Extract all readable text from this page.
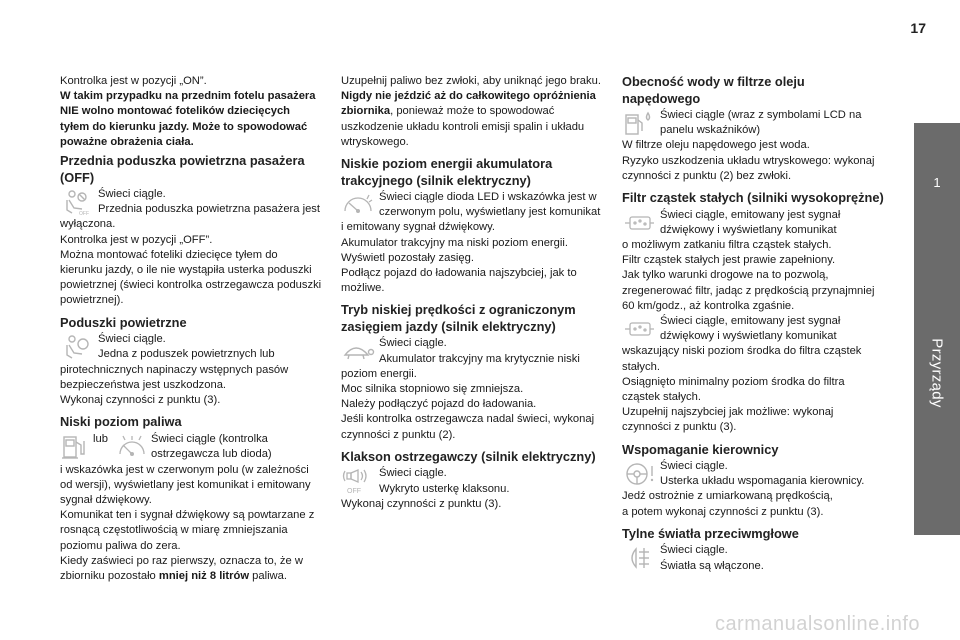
17
1
Przyrządy

Kontrolka jest w pozycji „ON”.

W takim przypadku na przednim fotelu pasażera NIE wolno montować fotelików dziecięcych tyłem do kierunku jazdy. Może to spowodować poważne obrażenia ciała.

Przednia poduszka powietrzna pasażera (OFF)
OFF

Świeci ciągle.

Przednia poduszka powietrzna pasażera jest wyłączona.

Kontrolka jest w pozycji „OFF”.

Można montować foteliki dziecięce tyłem do kierunku jazdy, o ile nie wystąpiła usterka poduszki powietrznej (świeci kontrolka ostrzegawcza poduszki powietrznej).

Poduszki powietrzne

Świeci ciągle.

Jedna z poduszek powietrznych lub pirotechnicznych napinaczy wstępnych pasów bezpieczeństwa jest uszkodzona.

Wykonaj czynności z punktu (3).

Niski poziom paliwa
lub	Świeci ciągle (kontrolka ostrzegawcza lub dioda)

i wskazówka jest w czerwonym polu (w zależności od wersji), wyświetlany jest komunikat i emitowany sygnał dźwiękowy.

Komunikat ten i sygnał dźwiękowy są powtarzane z rosnącą częstotliwością w miarę zmniejszania poziomu paliwa do zera.

Kiedy zaświeci po raz pierwszy, oznacza to, że w zbiorniku pozostało mniej niż 8 litrów paliwa.

Uzupełnij paliwo bez zwłoki, aby uniknąć jego braku.

Nigdy nie jeździć aż do całkowitego opróżnienia zbiornika, ponieważ może to spowodować uszkodzenie układu kontroli emisji spalin i układu wtryskowego.

Niskie poziom energii akumulatora trakcyjnego (silnik elektryczny)

Świeci ciągle dioda LED i wskazówka jest w czerwonym polu, wyświetlany jest komunikat i emitowany sygnał dźwiękowy.

Akumulator trakcyjny ma niski poziom energii.

Wyświetl pozostały zasięg.

Podłącz pojazd do ładowania najszybciej, jak to możliwe.

Tryb niskiej prędkości z ograniczonym zasięgiem jazdy (silnik elektryczny)

Świeci ciągle.

Akumulator trakcyjny ma krytycznie niski poziom energii.

Moc silnika stopniowo się zmniejsza.

Należy podłączyć pojazd do ładowania.

Jeśli kontrolka ostrzegawcza nadal świeci, wykonaj czynności z punktu (2).

Klakson ostrzegawczy (silnik elektryczny)
OFF

Świeci ciągle.

Wykryto usterkę klaksonu.

Wykonaj czynności z punktu (3).

Obecność wody w filtrze oleju napędowego

Świeci ciągle (wraz z symbolami LCD na panelu wskaźników)

W filtrze oleju napędowego jest woda.

Ryzyko uszkodzenia układu wtryskowego: wykonaj czynności z punktu (2) bez zwłoki.

Filtr cząstek stałych (silniki wysokoprężne)

Świeci ciągle, emitowany jest sygnał dźwiękowy i wyświetlany komunikat

o możliwym zatkaniu filtra cząstek stałych.

Filtr cząstek stałych jest prawie zapełniony.

Jak tylko warunki drogowe na to pozwolą, zregenerować filtr, jadąc z prędkością przynajmniej 60 km/godz., aż kontrolka zgaśnie.

Świeci ciągle, emitowany jest sygnał dźwiękowy i wyświetlany komunikat

wskazujący niski poziom środka do filtra cząstek stałych.

Osiągnięto minimalny poziom środka do filtra cząstek stałych.

Uzupełnij najszybciej jak możliwe: wykonaj czynności z punktu (3).

Wspomaganie kierownicy

Świeci ciągle.

Usterka układu wspomagania kierownicy.

Jedź ostrożnie z umiarkowaną prędkością,

a potem wykonaj czynności z punktu (3).

Tylne światła przeciwmgłowe

Świeci ciągle.

Światła są włączone.

carmanualsonline.info
